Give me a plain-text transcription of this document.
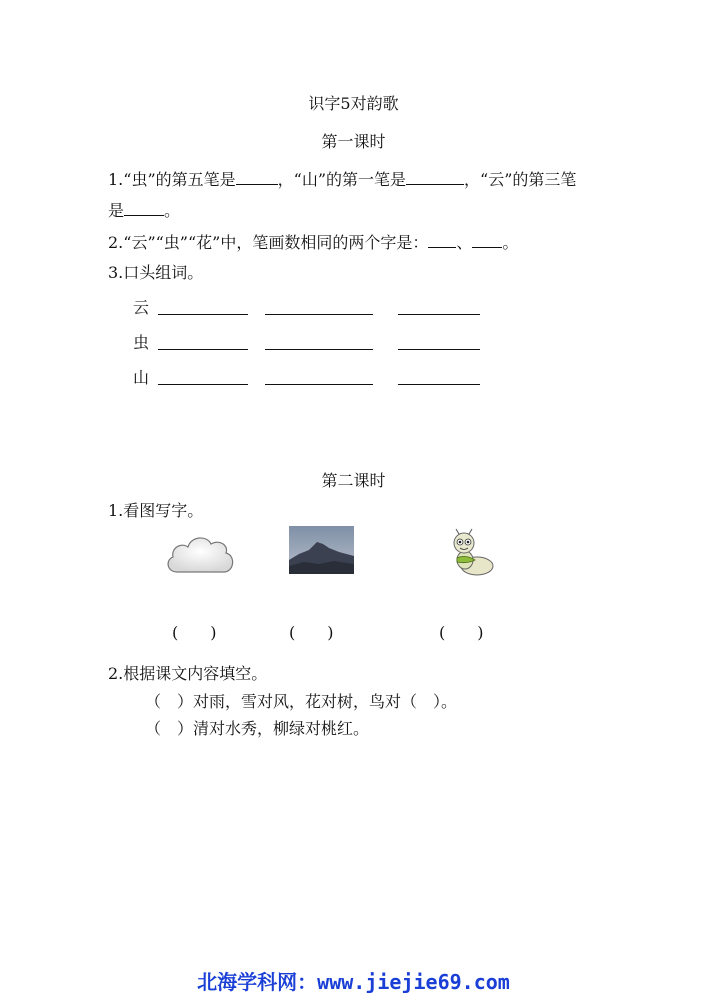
识字5对韵歌
第一课时
1.“虫”的第五笔是	，“山”的第一笔是	，“云”的第三笔
是	。
2.“云”“虫”“花”中，笔画数相同的两个字是： 、 。
3.口头组词。
云
虫
山
第二课时
1.看图写字。
(　　)	(　　)	(　　)
2.根据课文内容填空。
（　）对雨，雪对风，花对树，鸟对（　）。
（　）清对水秀，柳绿对桃红。
北海学科网：www.jiejie69.com
